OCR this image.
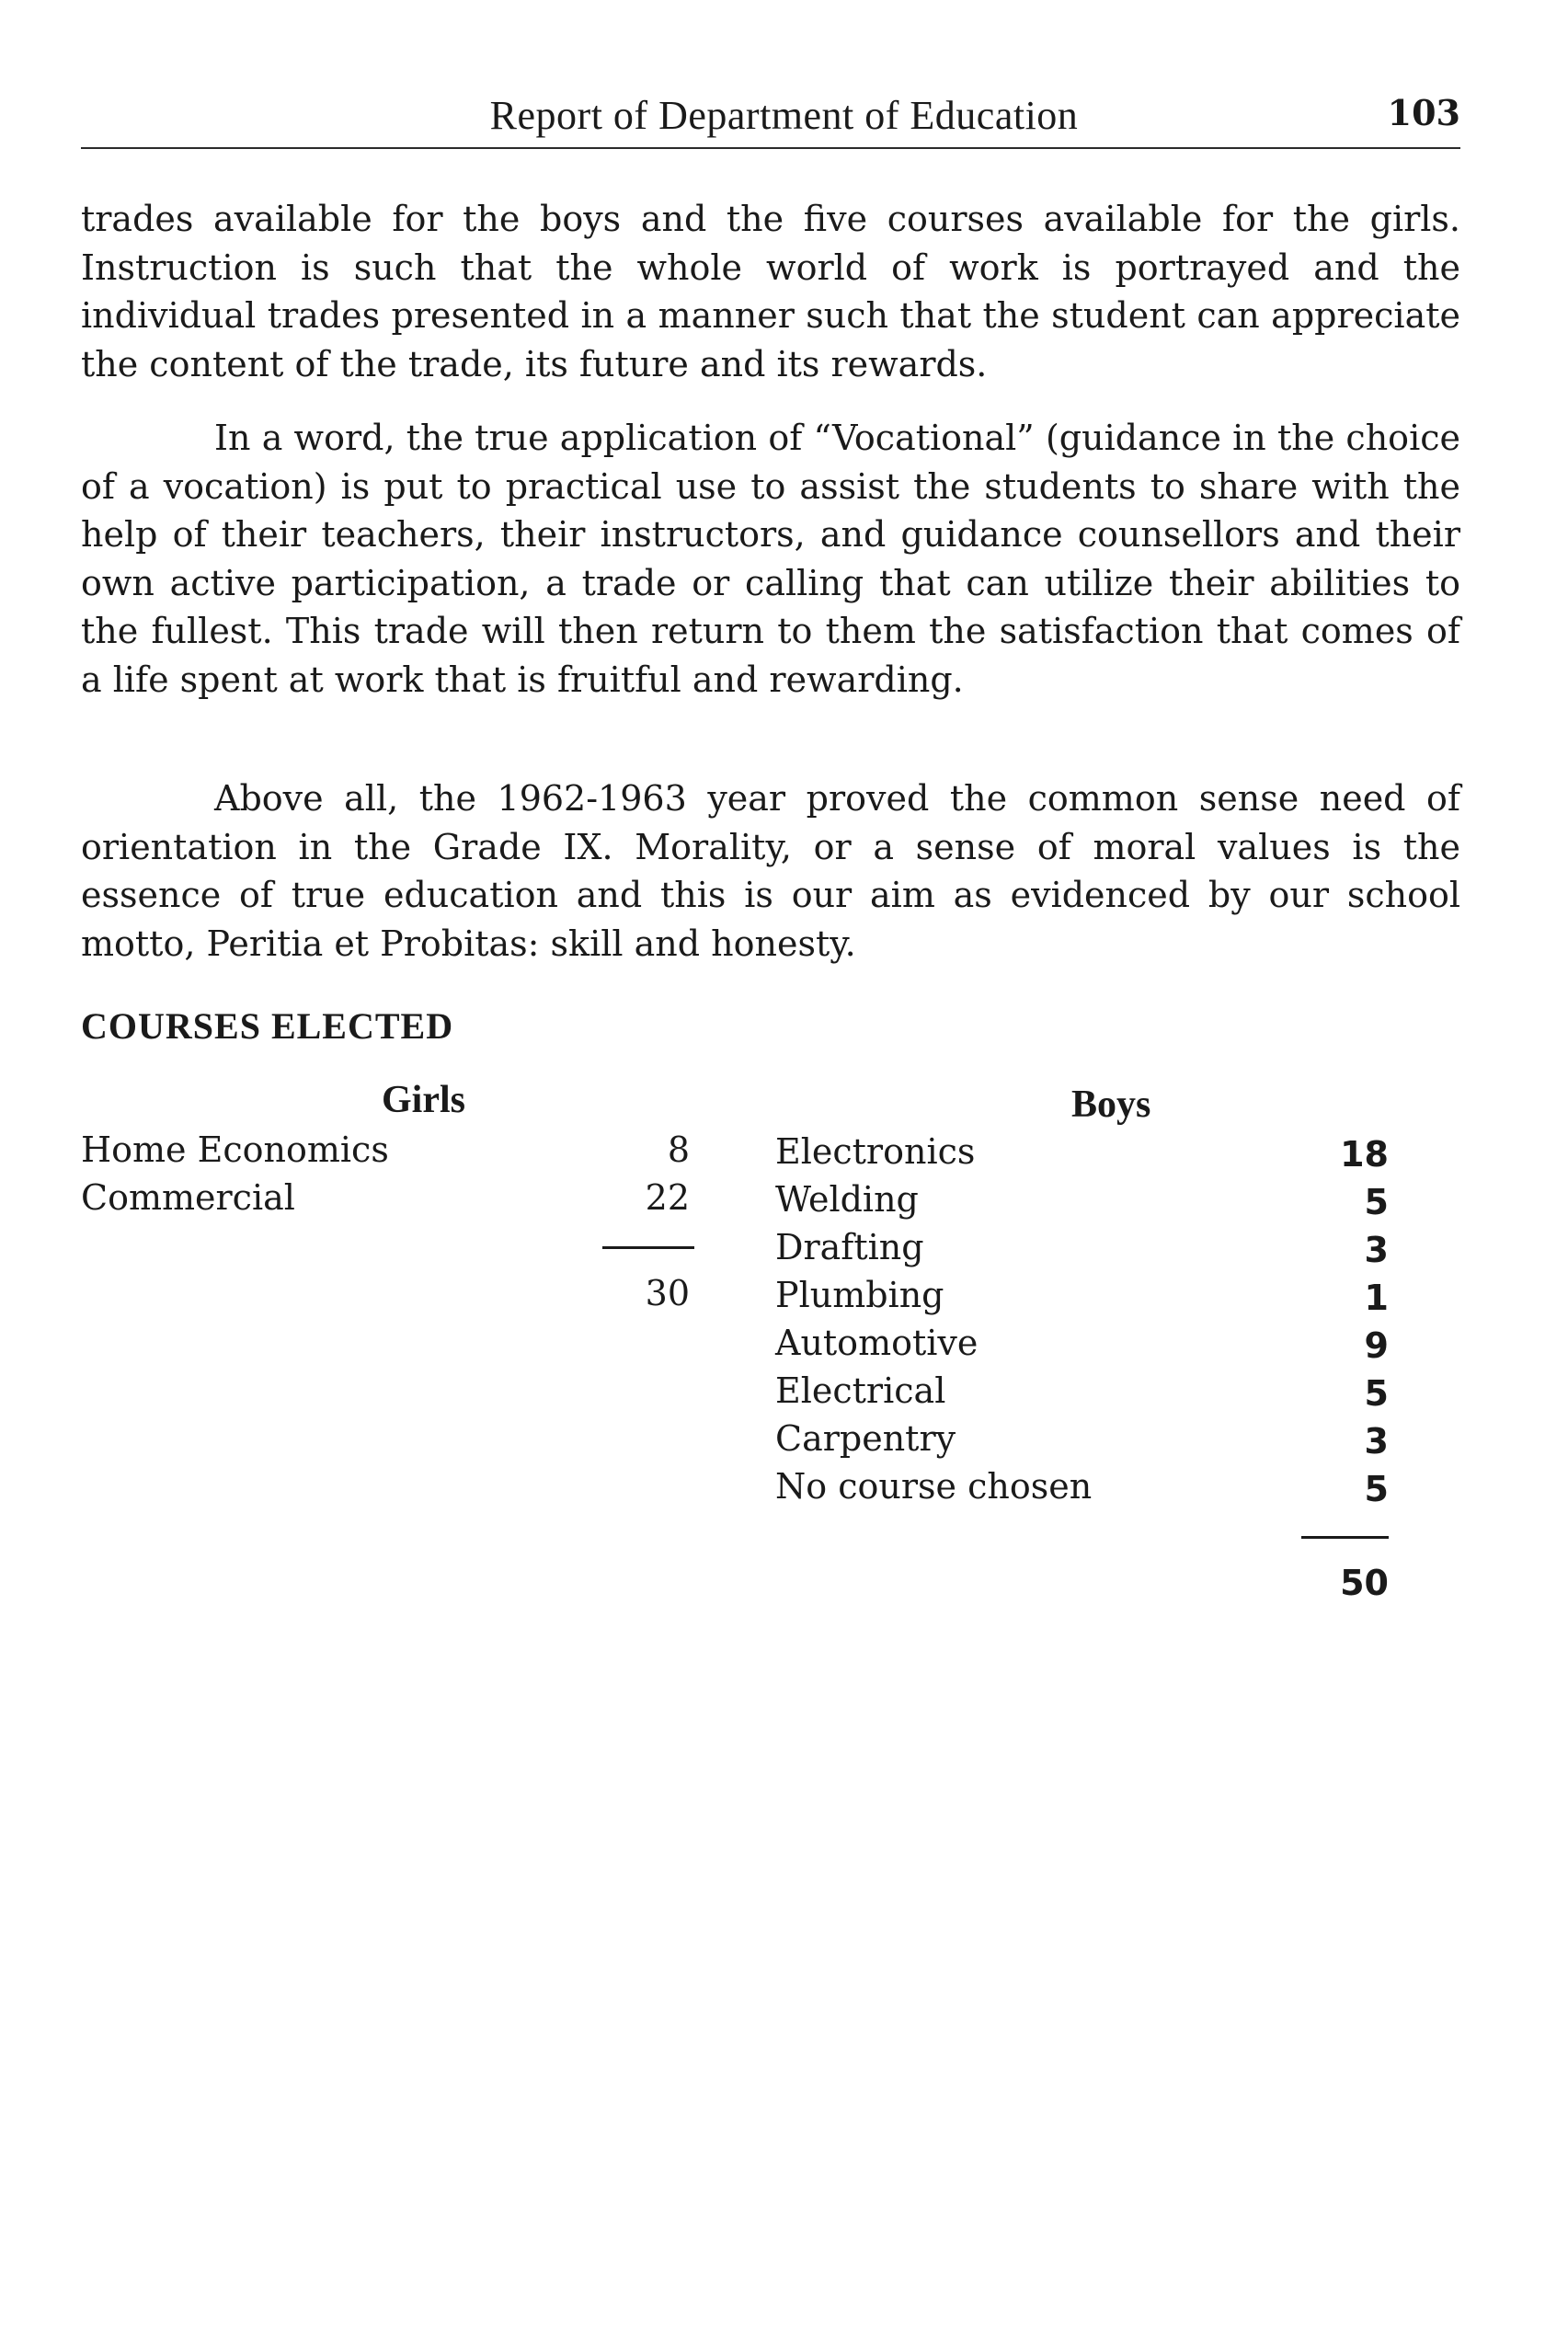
Report of Department of Education	103

trades available for the boys and the five courses available for the girls. Instruction is such that the whole world of work is portrayed and the individual trades presented in a manner such that the student can appreciate the content of the trade, its future and its rewards.

In a word, the true application of “Vocational” (guidance in the choice of a vocation) is put to practical use to assist the students to share with the help of their teachers, their instructors, and guidance counsellors and their own active participation, a trade or calling that can utilize their abilities to the fullest. This trade will then return to them the satisfaction that comes of a life spent at work that is fruitful and rewarding.

Above all, the 1962-1963 year proved the common sense need of orientation in the Grade IX. Morality, or a sense of moral values is the essence of true education and this is our aim as evidenced by our school motto, Peritia et Probitas: skill and honesty.

COURSES ELECTED
Girls	Boys
Home Economics	8
Commercial	22
30
Electronics	18
Welding	5
Drafting	3
Plumbing	1
Automotive	9
Electrical	5
Carpentry	3
No course chosen	5
50
